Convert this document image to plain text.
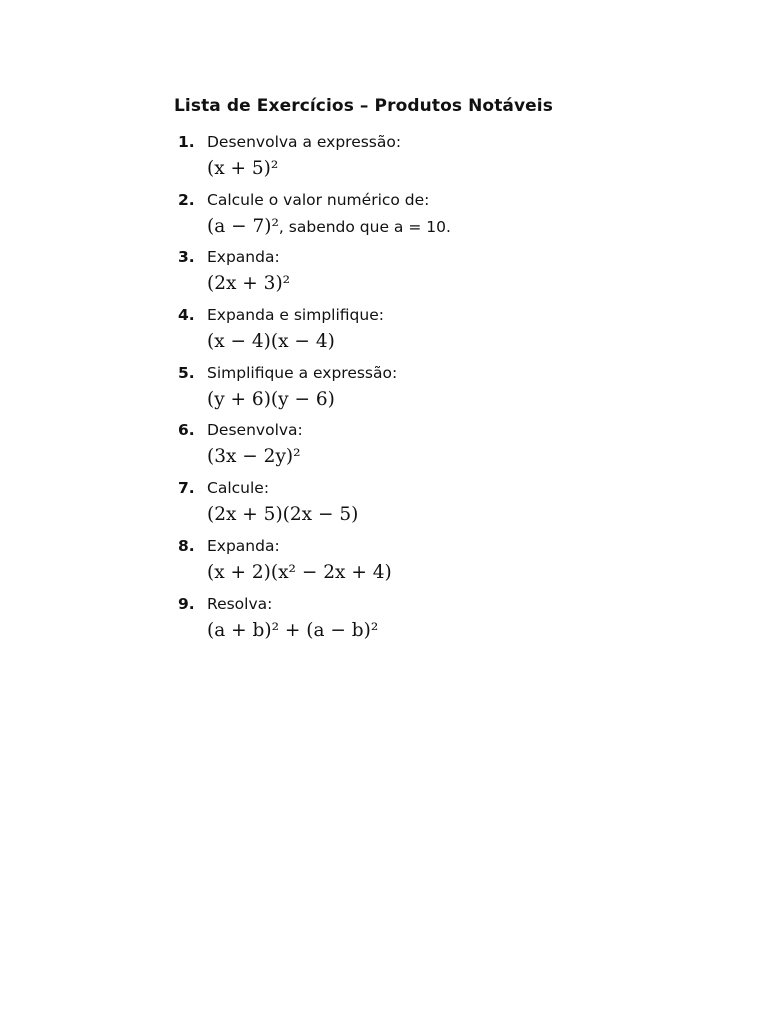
Lista de Exercícios – Produtos Notáveis
1. Desenvolva a expressão:
(x + 5)²
2. Calcule o valor numérico de:
(a − 7)², sabendo que a = 10.
3. Expanda:
(2x + 3)²
4. Expanda e simplifique:
(x − 4)(x − 4)
5. Simplifique a expressão:
(y + 6)(y − 6)
6. Desenvolva:
(3x − 2y)²
7. Calcule:
(2x + 5)(2x − 5)
8. Expanda:
(x + 2)(x² − 2x + 4)
9. Resolva:
(a + b)² + (a − b)²
